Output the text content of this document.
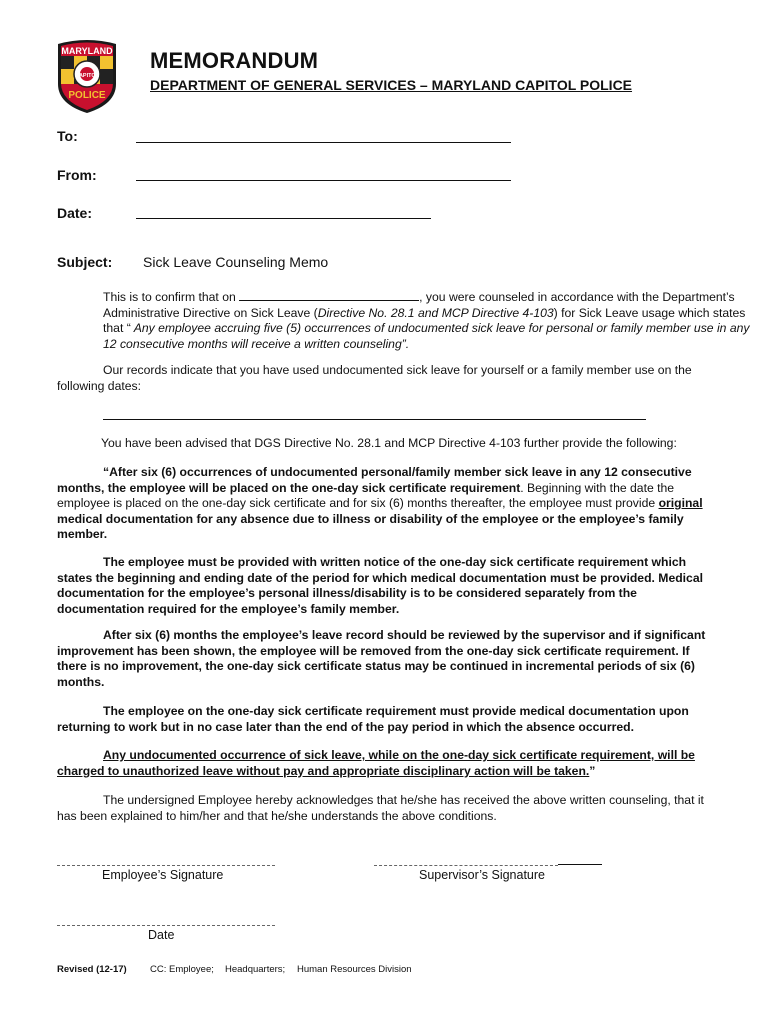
MARYLAND
CAPITOL
POLICE
MEMORANDUM
DEPARTMENT OF GENERAL SERVICES – MARYLAND CAPITOL POLICE
To:
From:
Date:
Subject: Sick Leave Counseling Memo
This is to confirm that on	, you were counseled in accordance with the Department’s Administrative Directive on Sick Leave (Directive No. 28.1 and MCP Directive 4-103) for Sick Leave usage which states that “ Any employee accruing five (5) occurrences of undocumented sick leave for personal or family member use in any 12 consecutive months will receive a written counseling”.
Our records indicate that you have used undocumented sick leave for yourself or a family member use on the following dates:
You have been advised that DGS Directive No. 28.1 and MCP Directive 4-103 further provide the following:
“After six (6) occurrences of undocumented personal/family member sick leave in any 12 consecutive months, the employee will be placed on the one-day sick certificate requirement. Beginning with the date the employee is placed on the one-day sick certificate and for six (6) months thereafter, the employee must provide original medical documentation for any absence due to illness or disability of the employee or the employee’s family member.
The employee must be provided with written notice of the one-day sick certificate requirement which states the beginning and ending date of the period for which medical documentation must be provided. Medical documentation for the employee’s personal illness/disability is to be considered separately from the documentation required for the employee’s family member.
After six (6) months the employee’s leave record should be reviewed by the supervisor and if significant improvement has been shown, the employee will be removed from the one-day sick certificate requirement. If there is no improvement, the one-day sick certificate status may be continued in incremental periods of six (6) months.
The employee on the one-day sick certificate requirement must provide medical documentation upon returning to work but in no case later than the end of the pay period in which the absence occurred.
Any undocumented occurrence of sick leave, while on the one-day sick certificate requirement, will be charged to unauthorized leave without pay and appropriate disciplinary action will be taken.”
The undersigned Employee hereby acknowledges that he/she has received the above written counseling, that it has been explained to him/her and that he/she understands the above conditions.
Employee’s Signature	Supervisor’s Signature
Date
Revised (12-17) CC: Employee; Headquarters; Human Resources Division
